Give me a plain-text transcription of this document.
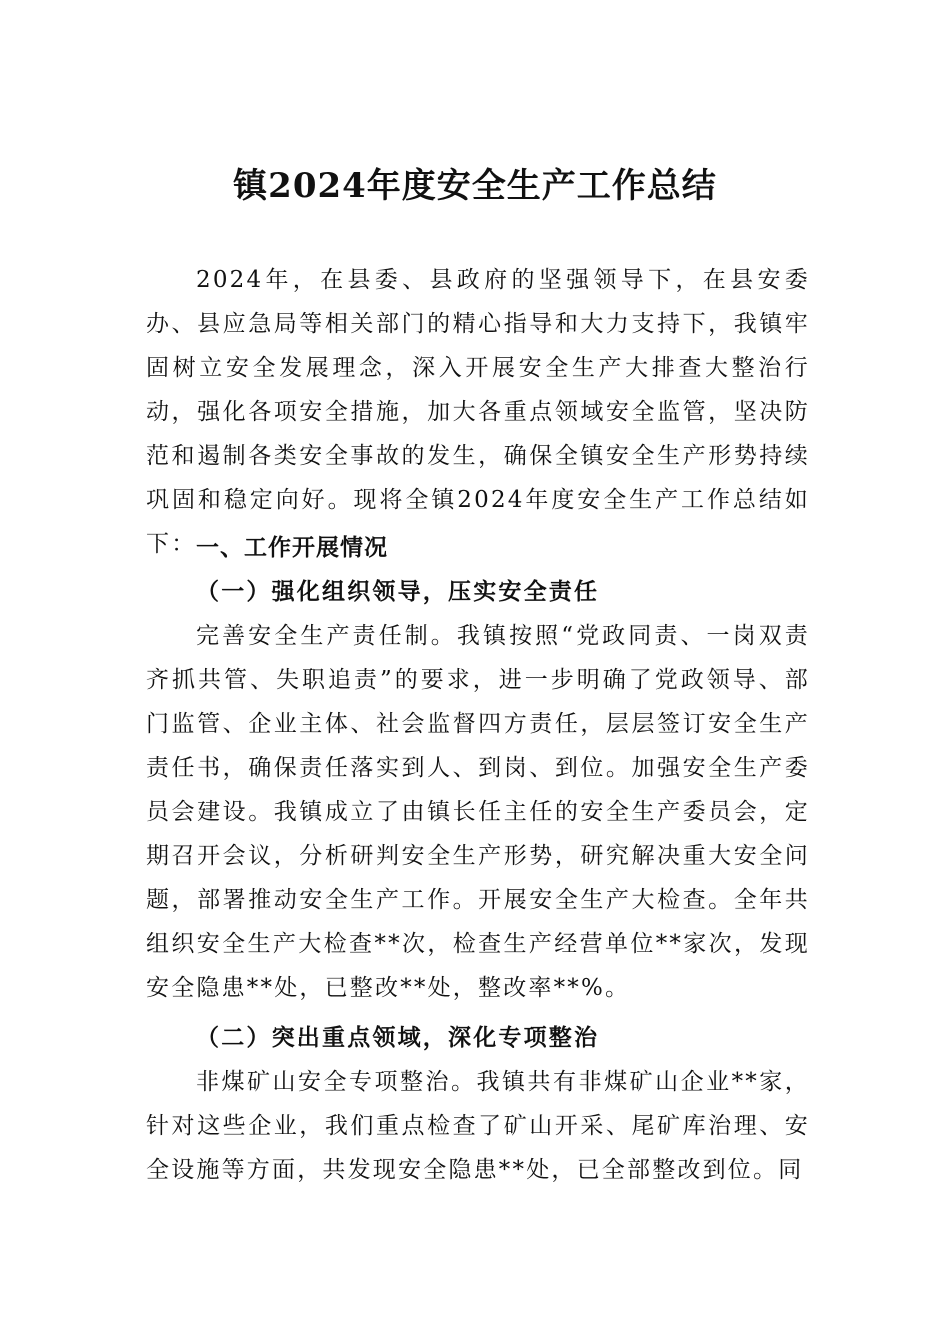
镇2024年度安全生产工作总结

2024年，在县委、县政府的坚强领导下，在县安委办、县应急局等相关部门的精心指导和大力支持下，我镇牢固树立安全发展理念，深入开展安全生产大排查大整治行动，强化各项安全措施，加大各重点领域安全监管，坚决防范和遏制各类安全事故的发生，确保全镇安全生产形势持续巩固和稳定向好。现将全镇2024年度安全生产工作总结如下： 一、工作开展情况
（一）强化组织领导，压实安全责任

完善安全生产责任制。我镇按照“党政同责、一岗双责齐抓共管、失职追责”的要求，进一步明确了党政领导、部门监管、企业主体、社会监督四方责任，层层签订安全生产责任书，确保责任落实到人、到岗、到位。加强安全生产委员会建设。我镇成立了由镇长任主任的安全生产委员会，定期召开会议，分析研判安全生产形势，研究解决重大安全问题，部署推动安全生产工作。开展安全生产大检查。全年共组织安全生产大检查**次，检查生产经营单位**家次，发现安全隐患**处，已整改**处，整改率**%。

（二）突出重点领域，深化专项整治

非煤矿山安全专项整治。我镇共有非煤矿山企业**家，针对这些企业，我们重点检查了矿山开采、尾矿库治理、安全设施等方面，共发现安全隐患**处，已全部整改到位。同
